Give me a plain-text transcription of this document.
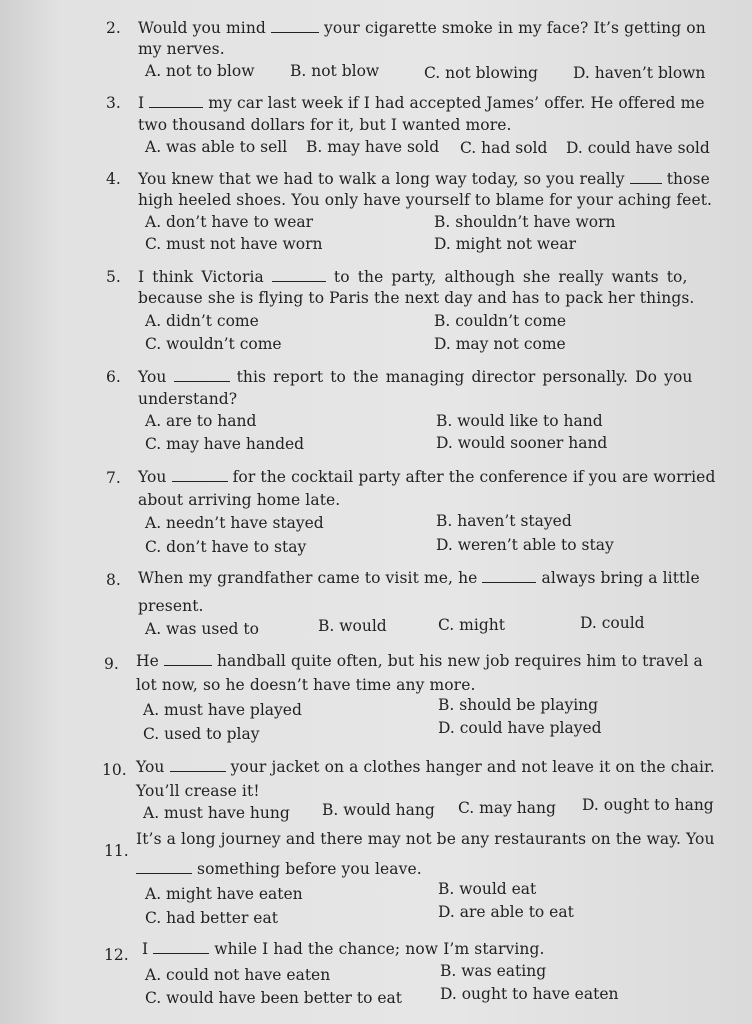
2. Would you mind	your cigarette smoke in my face? It’s getting on
my nerves.
A. not to blow B. not blow	C. not blowing D. haven’t blown
3. I	my car last week if I had accepted James’ offer. He offered me
two thousand dollars for it, but I wanted more.
A. was able to sell B. may have sold C. had sold D. could have sold
4. You knew that we had to walk a long way today, so you really	those
high heeled shoes. You only have yourself to blame for your aching feet.
A. don’t have to wear	B. shouldn’t have worn
C. must not have worn	D. might not wear
5. I think Victoria	to the party, although she really wants to,
because she is flying to Paris the next day and has to pack her things.
A. didn’t come	B. couldn’t come
C. wouldn’t come	D. may not come
6. You	this report to the managing director personally. Do you
understand?
A. are to hand	B. would like to hand
C. may have handed	D. would sooner hand
7. You	for the cocktail party after the conference if you are worried
about arriving home late.
A. needn’t have stayed	B. haven’t stayed
C. don’t have to stay	D. weren’t able to stay
8. When my grandfather came to visit me, he	always bring a little
present.
A. was used to	B. would	C. might	D. could
9. He	handball quite often, but his new job requires him to travel a
lot now, so he doesn’t have time any more.
A. must have played	B. should be playing
C. used to play	D. could have played
10. You	your jacket on a clothes hanger and not leave it on the chair.
You’ll crease it!
A. must have hung B. would hang C. may hang D. ought to hang
11.
It’s a long journey and there may not be any restaurants on the way. You
something before you leave.
A. might have eaten	B. would eat
C. had better eat	D. are able to eat
12. I	while I had the chance; now I’m starving.
A. could not have eaten	B. was eating
C. would have been better to eat D. ought to have eaten
